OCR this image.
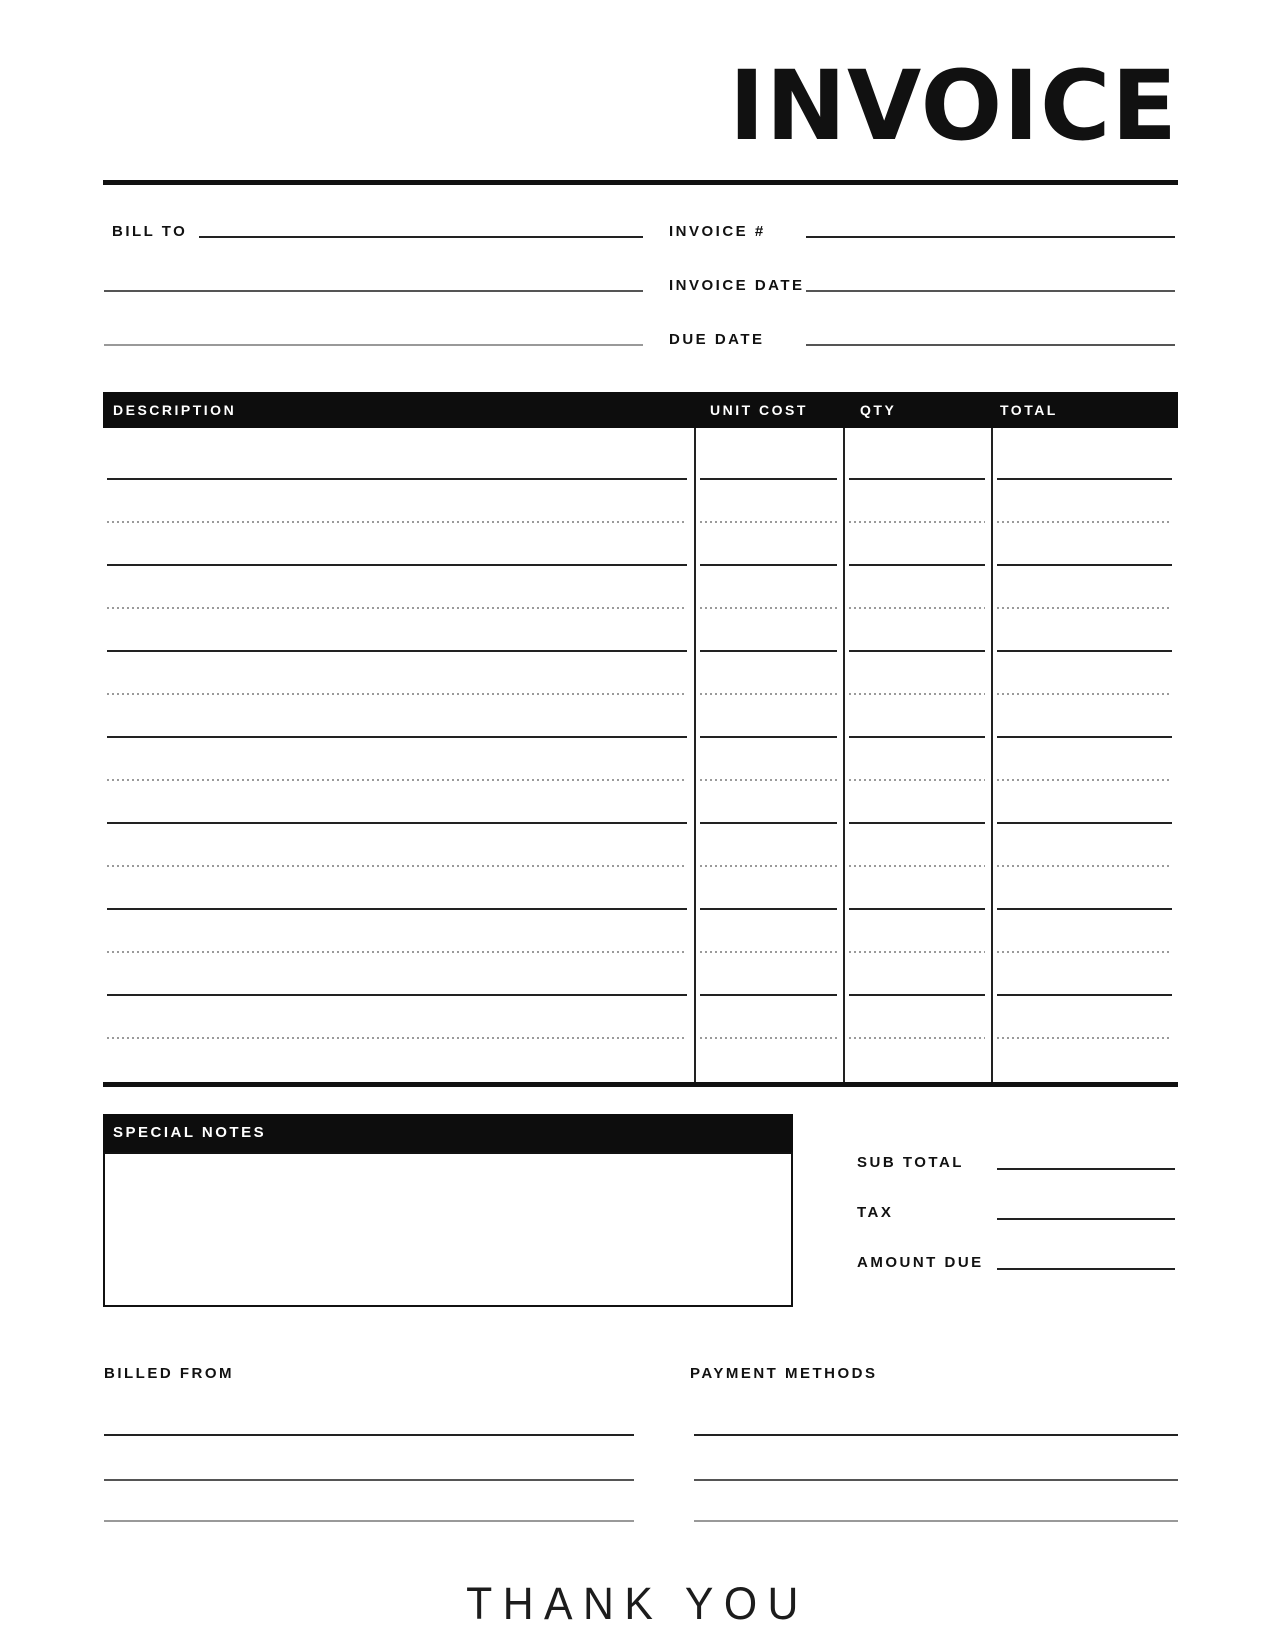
INVOICE
BILL TO	INVOICE #
INVOICE DATE
DUE DATE
DESCRIPTION	UNIT COST	QTY	TOTAL
SPECIAL NOTES
SUB TOTAL
TAX
AMOUNT DUE
BILLED FROM	PAYMENT METHODS

THANK YOU
